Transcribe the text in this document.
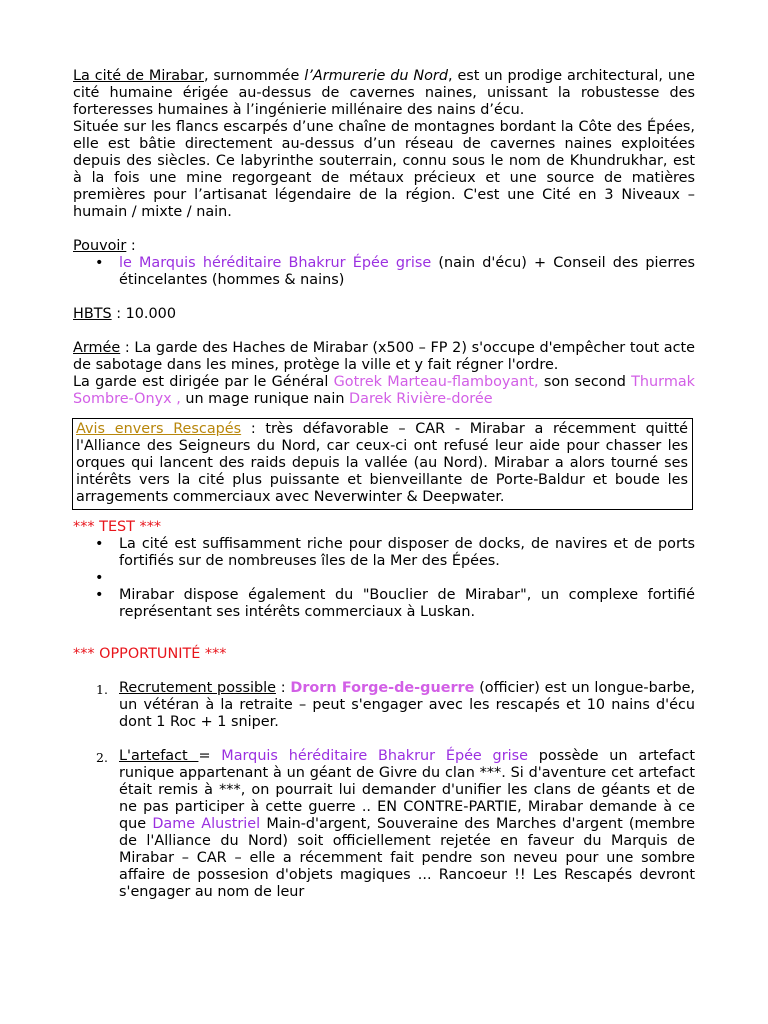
La cité de Mirabar, surnommée l’Armurerie du Nord, est un prodige architectural, une cité humaine érigée au-dessus de cavernes naines, unissant la robustesse des forteresses humaines à l’ingénierie millénaire des nains d’écu.

Située sur les flancs escarpés d’une chaîne de montagnes bordant la Côte des Épées, elle est bâtie directement au-dessus d’un réseau de cavernes naines exploitées depuis des siècles. Ce labyrinthe souterrain, connu sous le nom de Khundrukhar, est à la fois une mine regorgeant de métaux précieux et une source de matières premières pour l’artisanat légendaire de la région. C'est une Cité en 3 Niveaux – humain / mixte / nain.

Pouvoir :

• le Marquis héréditaire Bhakrur Épée grise (nain d'écu) + Conseil des pierres étincelantes (hommes & nains)

HBTS : 10.000

Armée : La garde des Haches de Mirabar (x500 – FP 2) s'occupe d'empêcher tout acte de sabotage dans les mines, protège la ville et y fait régner l'ordre.

La garde est dirigée par le Général Gotrek Marteau-flamboyant, son second Thurmak Sombre-Onyx , un mage runique nain Darek Rivière-dorée

Avis envers Rescapés : très défavorable – CAR - Mirabar a récemment quitté l'Alliance des Seigneurs du Nord, car ceux-ci ont refusé leur aide pour chasser les orques qui lancent des raids depuis la vallée (au Nord). Mirabar a alors tourné ses intérêts vers la cité plus puissante et bienveillante de Porte-Baldur et boude les arragements commerciaux avec Neverwinter & Deepwater.

*** TEST ***

• La cité est suffisamment riche pour disposer de docks, de navires et de ports fortifiés sur de nombreuses îles de la Mer des Épées.
•
• Mirabar dispose également du "Bouclier de Mirabar", un complexe fortifié représentant ses intérêts commerciaux à Luskan.

*** OPPORTUNITÉ ***

1. Recrutement possible : Drorn Forge-de-guerre (officier) est un longue-barbe, un vétéran à la retraite – peut s'engager avec les rescapés et 10 nains d'écu dont 1 Roc + 1 sniper.
2. L'artefact = Marquis héréditaire Bhakrur Épée grise possède un artefact runique appartenant à un géant de Givre du clan ***. Si d'aventure cet artefact était remis à ***, on pourrait lui demander d'unifier les clans de géants et de ne pas participer à cette guerre .. EN CONTRE-PARTIE, Mirabar demande à ce que Dame Alustriel Main-d'argent, Souveraine des Marches d'argent (membre de l'Alliance du Nord) soit officiellement rejetée en faveur du Marquis de Mirabar – CAR – elle a récemment fait pendre son neveu pour une sombre affaire de possesion d'objets magiques ... Rancoeur !! Les Rescapés devront s'engager au nom de leur
